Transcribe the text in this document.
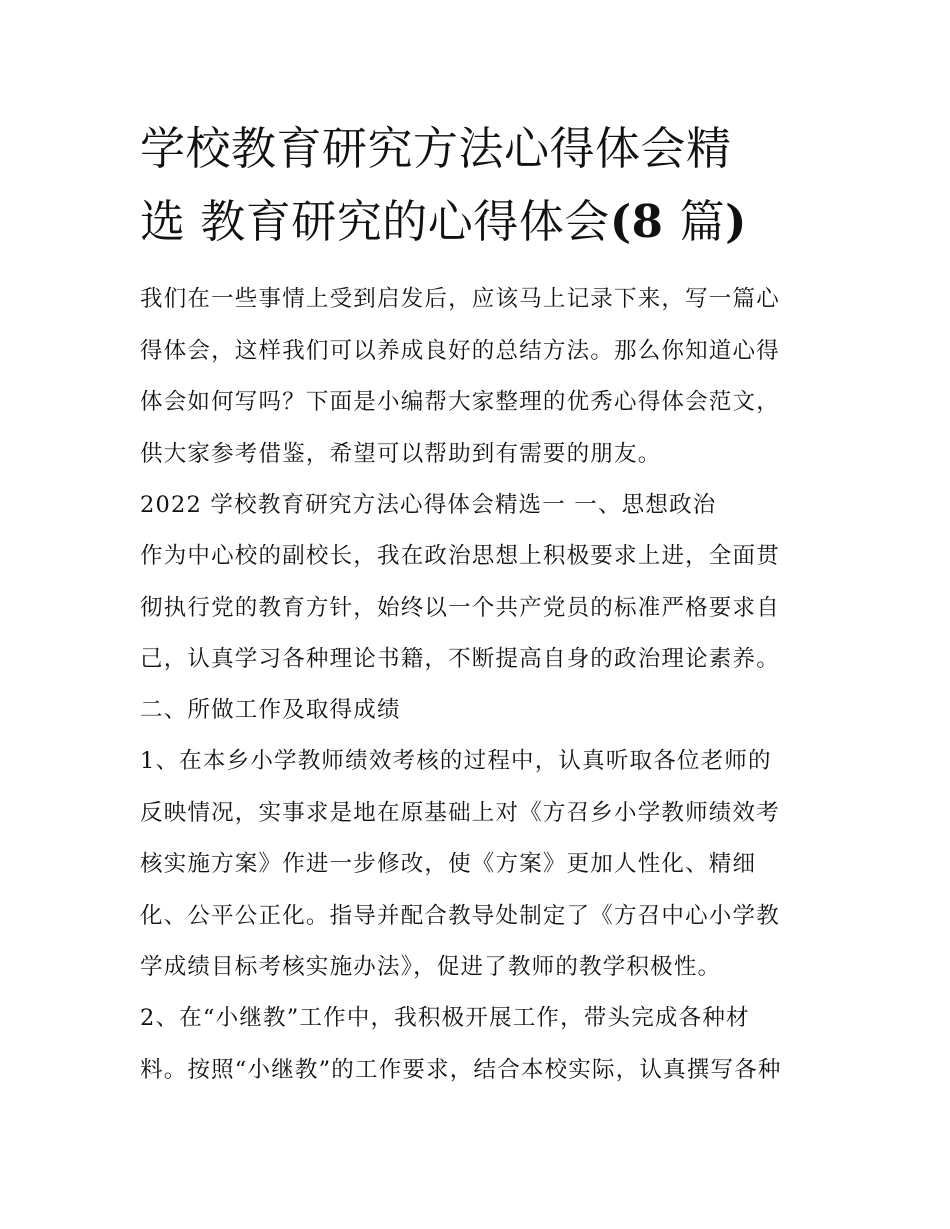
学校教育研究方法心得体会精
选 教育研究的心得体会(8 篇)
我们在一些事情上受到启发后，应该马上记录下来，写一篇心
得体会，这样我们可以养成良好的总结方法。那么你知道心得
体会如何写吗？下面是小编帮大家整理的优秀心得体会范文，
供大家参考借鉴，希望可以帮助到有需要的朋友。
2022 学校教育研究方法心得体会精选一 一、思想政治
作为中心校的副校长，我在政治思想上积极要求上进，全面贯
彻执行党的教育方针，始终以一个共产党员的标准严格要求自
己，认真学习各种理论书籍，不断提高自身的政治理论素养。
二、所做工作及取得成绩
1、在本乡小学教师绩效考核的过程中，认真听取各位老师的
反映情况，实事求是地在原基础上对《方召乡小学教师绩效考
核实施方案》作进一步修改，使《方案》更加人性化、精细
化、公平公正化。指导并配合教导处制定了《方召中心小学教
学成绩目标考核实施办法》，促进了教师的教学积极性。
2、在“小继教”工作中，我积极开展工作，带头完成各种材
料。按照“小继教”的工作要求，结合本校实际，认真撰写各种
